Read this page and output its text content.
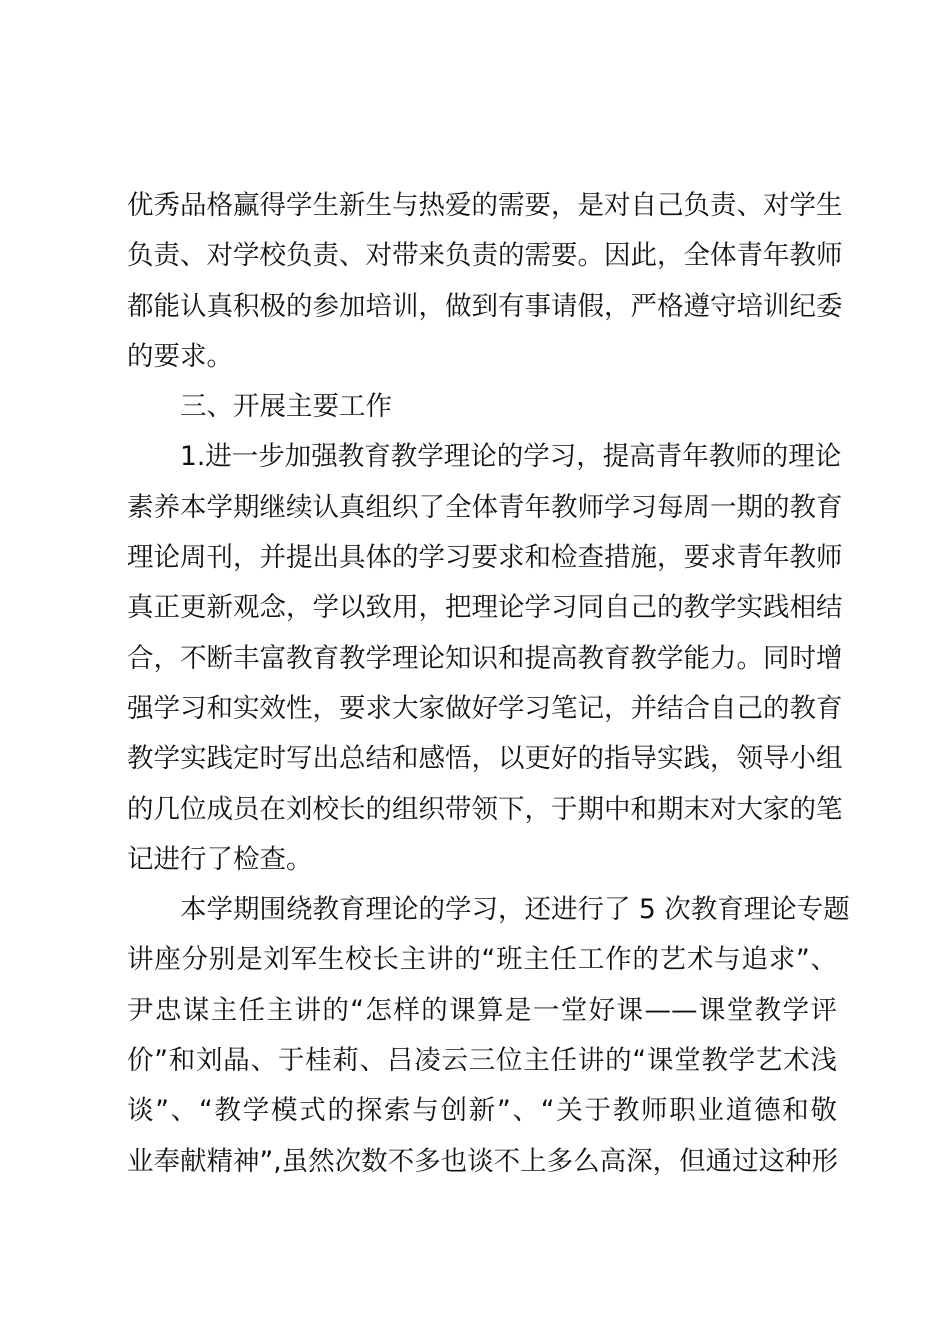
优秀品格赢得学生新生与热爱的需要，是对自己负责、对学生
负责、对学校负责、对带来负责的需要。因此，全体青年教师
都能认真积极的参加培训，做到有事请假，严格遵守培训纪委
的要求。
三、开展主要工作
1.进一步加强教育教学理论的学习，提高青年教师的理论
素养本学期继续认真组织了全体青年教师学习每周一期的教育
理论周刊，并提出具体的学习要求和检查措施，要求青年教师
真正更新观念，学以致用，把理论学习同自己的教学实践相结
合，不断丰富教育教学理论知识和提高教育教学能力。同时增
强学习和实效性，要求大家做好学习笔记，并结合自己的教育
教学实践定时写出总结和感悟，以更好的指导实践，领导小组
的几位成员在刘校长的组织带领下，于期中和期末对大家的笔
记进行了检查。
本学期围绕教育理论的学习，还进行了 5 次教育理论专题
讲座分别是刘军生校长主讲的“班主任工作的艺术与追求”、
尹忠谋主任主讲的“怎样的课算是一堂好课——课堂教学评
价”和刘晶、于桂莉、吕凌云三位主任讲的“课堂教学艺术浅
谈”、“教学模式的探索与创新”、“关于教师职业道德和敬
业奉献精神”,虽然次数不多也谈不上多么高深，但通过这种形
